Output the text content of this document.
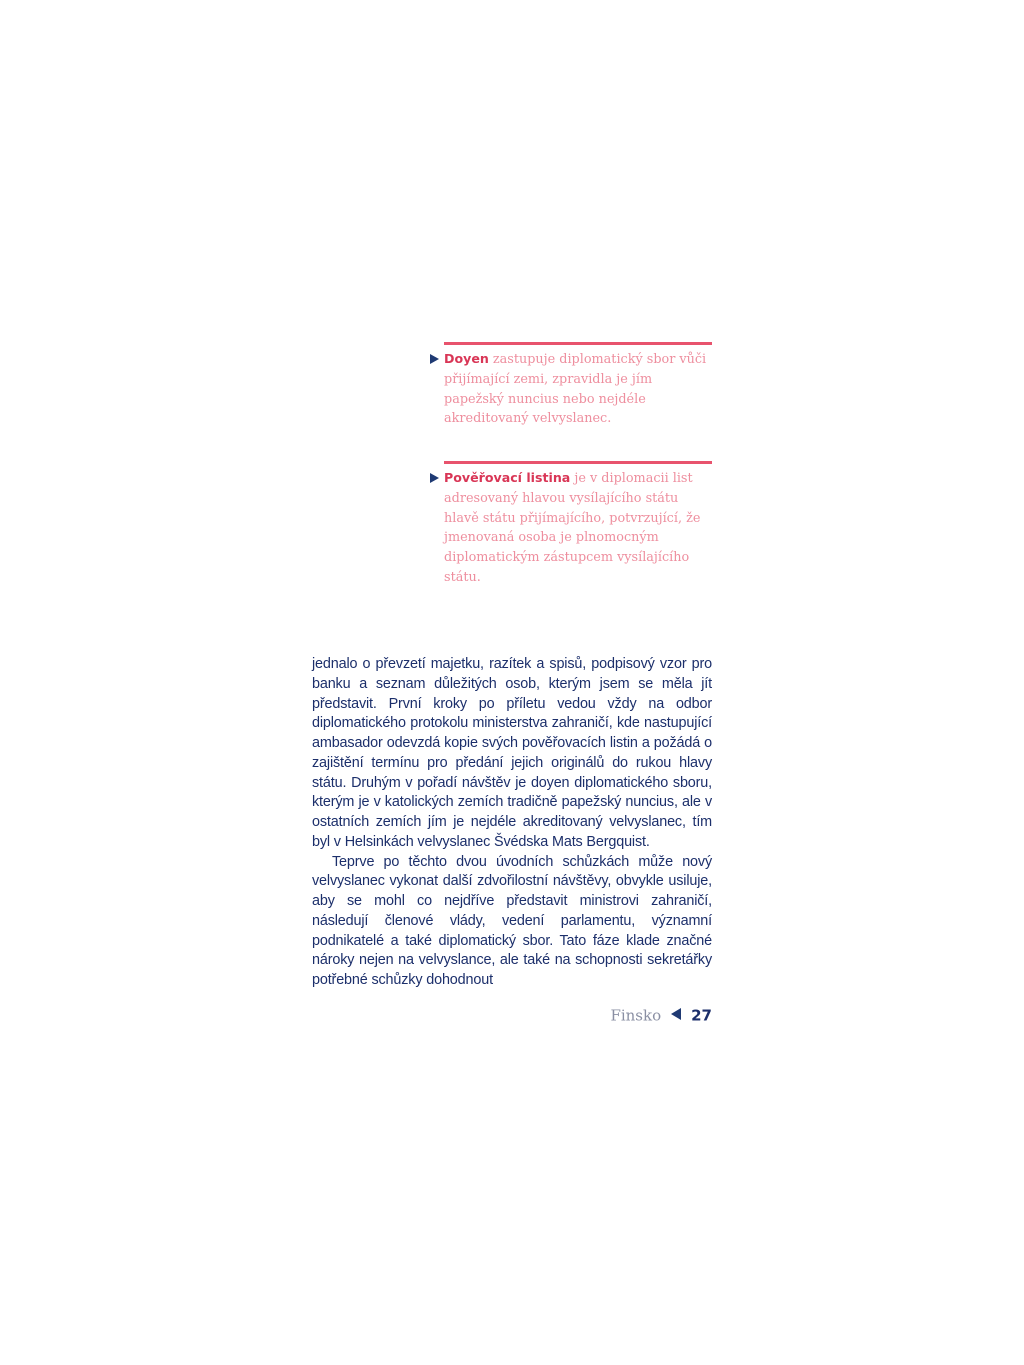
Doyen zastupuje diplomatický sbor vůči přijímající zemi, zpravidla je jím papežský nuncius nebo nejdéle akreditovaný velvyslanec.
Pověřovací listina je v diplomacii list adresovaný hlavou vysílajícího státu hlavě státu přijímajícího, potvrzující, že jmenovaná osoba je plnomocným diplomatickým zástupcem vysílajícího státu.

jednalo o převzetí majetku, razítek a spisů, podpisový vzor pro banku a seznam důležitých osob, kterým jsem se měla jít představit. První kroky po příletu vedou vždy na odbor diplomatického protokolu ministerstva zahraničí, kde nastupující ambasador odevzdá kopie svých pověřovacích listin a požádá o zajištění termínu pro předání jejich originálů do rukou hlavy státu. Druhým v pořadí návštěv je doyen diplomatického sboru, kterým je v katolických zemích tradičně papežský nuncius, ale v ostatních zemích jím je nejdéle akreditovaný velvyslanec, tím byl v Helsinkách velvyslanec Švédska Mats Bergquist.

Teprve po těchto dvou úvodních schůzkách může nový velvyslanec vykonat další zdvořilostní návštěvy, obvykle usiluje, aby se mohl co nejdříve představit ministrovi zahraničí, následují členové vlády, vedení parlamentu, významní podnikatelé a také diplomatický sbor. Tato fáze klade značné nároky nejen na velvyslance, ale také na schopnosti sekretářky potřebné schůzky dohodnout

Finsko 27
